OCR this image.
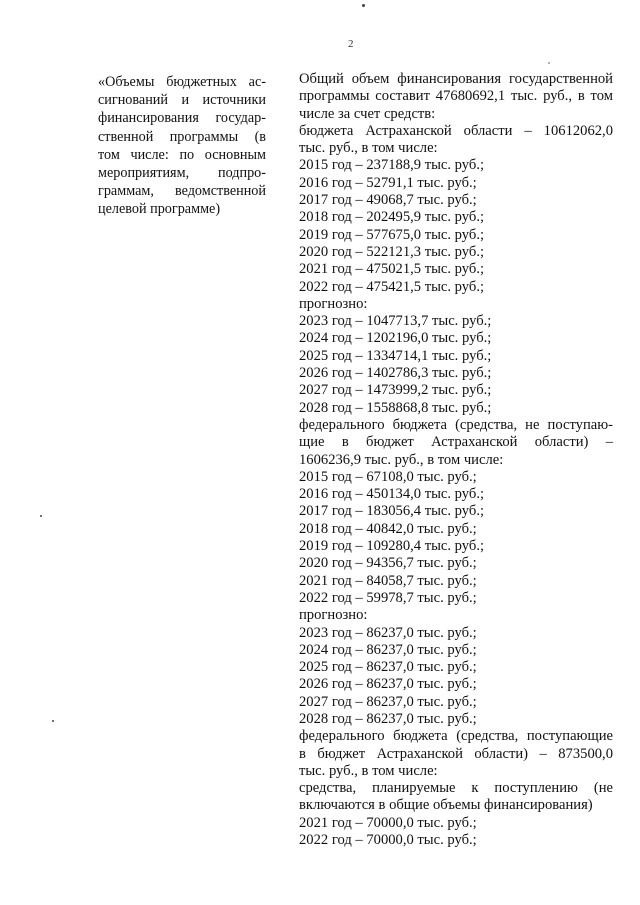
2
«Объемы бюджетных ас-
сигнований и источники
финансирования государ-
ственной программы (в
том числе: по основным
мероприятиям, подпро-
граммам, ведомственной
целевой программе)
Общий объем финансирования государственной
программы составит 47680692,1 тыс. руб., в том
числе за счет средств:
бюджета Астраханской области – 10612062,0
тыс. руб., в том числе:
2015 год – 237188,9 тыс. руб.;
2016 год – 52791,1 тыс. руб.;
2017 год – 49068,7 тыс. руб.;
2018 год – 202495,9 тыс. руб.;
2019 год – 577675,0 тыс. руб.;
2020 год – 522121,3 тыс. руб.;
2021 год – 475021,5 тыс. руб.;
2022 год – 475421,5 тыс. руб.;
прогнозно:
2023 год – 1047713,7 тыс. руб.;
2024 год – 1202196,0 тыс. руб.;
2025 год – 1334714,1 тыс. руб.;
2026 год – 1402786,3 тыс. руб.;
2027 год – 1473999,2 тыс. руб.;
2028 год – 1558868,8 тыс. руб.;
федерального бюджета (средства, не поступаю-
щие в бюджет Астраханской области) –
1606236,9 тыс. руб., в том числе:
2015 год – 67108,0 тыс. руб.;
2016 год – 450134,0 тыс. руб.;
2017 год – 183056,4 тыс. руб.;
2018 год – 40842,0 тыс. руб.;
2019 год – 109280,4 тыс. руб.;
2020 год – 94356,7 тыс. руб.;
2021 год – 84058,7 тыс. руб.;
2022 год – 59978,7 тыс. руб.;
прогнозно:
2023 год – 86237,0 тыс. руб.;
2024 год – 86237,0 тыс. руб.;
2025 год – 86237,0 тыс. руб.;
2026 год – 86237,0 тыс. руб.;
2027 год – 86237,0 тыс. руб.;
2028 год – 86237,0 тыс. руб.;
федерального бюджета (средства, поступающие
в бюджет Астраханской области) – 873500,0
тыс. руб., в том числе:
средства, планируемые к поступлению (не
включаются в общие объемы финансирования)
2021 год – 70000,0 тыс. руб.;
2022 год – 70000,0 тыс. руб.;
